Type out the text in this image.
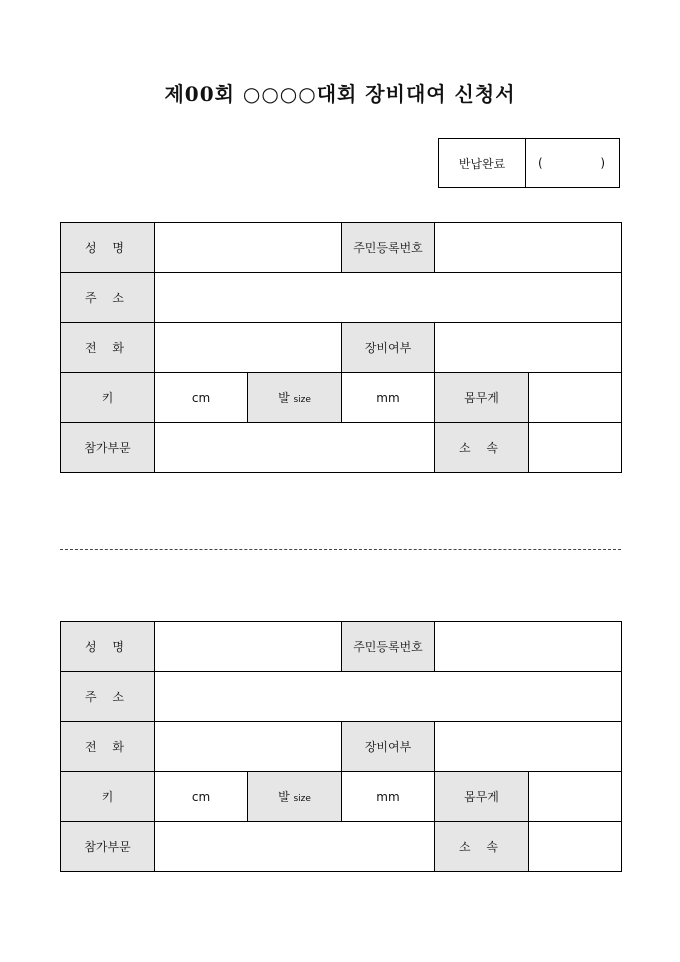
제00회 ○○○○대회 장비대여 신청서
반납완료	(	)
성 명			주민등록번호		
주 소					
전 화			장비여부		
키	cm	발 size	mm	몸무게	
참가부문				소 속	
성 명			주민등록번호		
주 소					
전 화			장비여부		
키	cm	발 size	mm	몸무게	
참가부문				소 속	
